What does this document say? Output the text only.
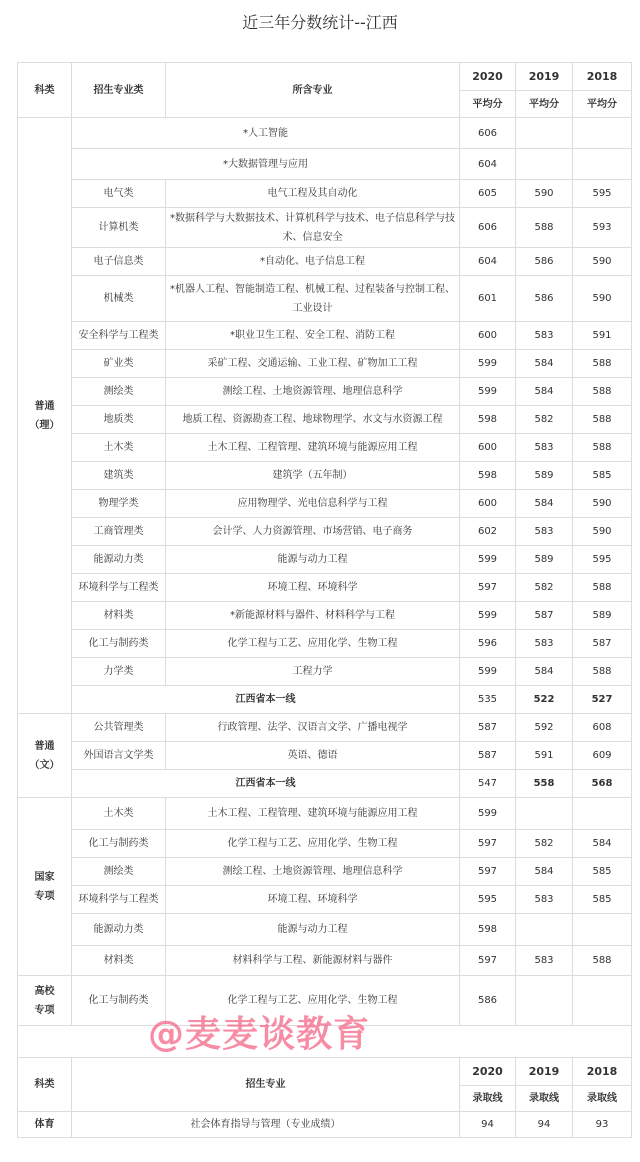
近三年分数统计--江西
科类	招生专业类	所含专业	2020	2019	2018
			平均分	平均分	平均分
普通
（理）	*人工智能		606		
	*大数据管理与应用		604		
	电气类	电气工程及其自动化	605	590	595
	计算机类	*数据科学与大数据技术、计算机科学与技术、电子信息科学与技术、信息安全	606	588	593
	电子信息类	*自动化、电子信息工程	604	586	590
	机械类	*机器人工程、智能制造工程、机械工程、过程装备与控制工程、工业设计	601	586	590
	安全科学与工程类	*职业卫生工程、安全工程、消防工程	600	583	591
	矿业类	采矿工程、交通运输、工业工程、矿物加工工程	599	584	588
	测绘类	测绘工程、土地资源管理、地理信息科学	599	584	588
	地质类	地质工程、资源勘查工程、地球物理学、水文与水资源工程	598	582	588
	土木类	土木工程、工程管理、建筑环境与能源应用工程	600	583	588
	建筑类	建筑学（五年制）	598	589	585
	物理学类	应用物理学、光电信息科学与工程	600	584	590
	工商管理类	会计学、人力资源管理、市场营销、电子商务	602	583	590
	能源动力类	能源与动力工程	599	589	595
	环境科学与工程类	环境工程、环境科学	597	582	588
	材料类	*新能源材料与器件、材料科学与工程	599	587	589
	化工与制药类	化学工程与工艺、应用化学、生物工程	596	583	587
	力学类	工程力学	599	584	588
	江西省本一线		535	522	527
普通
（文）	公共管理类	行政管理、法学、汉语言文学、广播电视学	587	592	608
	外国语言文学类	英语、德语	587	591	609
	江西省本一线		547	558	568
国家
专项	土木类	土木工程、工程管理、建筑环境与能源应用工程	599		
	化工与制药类	化学工程与工艺、应用化学、生物工程	597	582	584
	测绘类	测绘工程、土地资源管理、地理信息科学	597	584	585
	环境科学与工程类	环境工程、环境科学	595	583	585
	能源动力类	能源与动力工程	598		
	材料类	材料科学与工程、新能源材料与器件	597	583	588
高校
专项	化工与制药类	化学工程与工艺、应用化学、生物工程	586		

科类	招生专业		2020	2019	2018
			录取线	录取线	录取线
体育	社会体育指导与管理（专业成绩）		94	94	93
@麦麦谈教育
